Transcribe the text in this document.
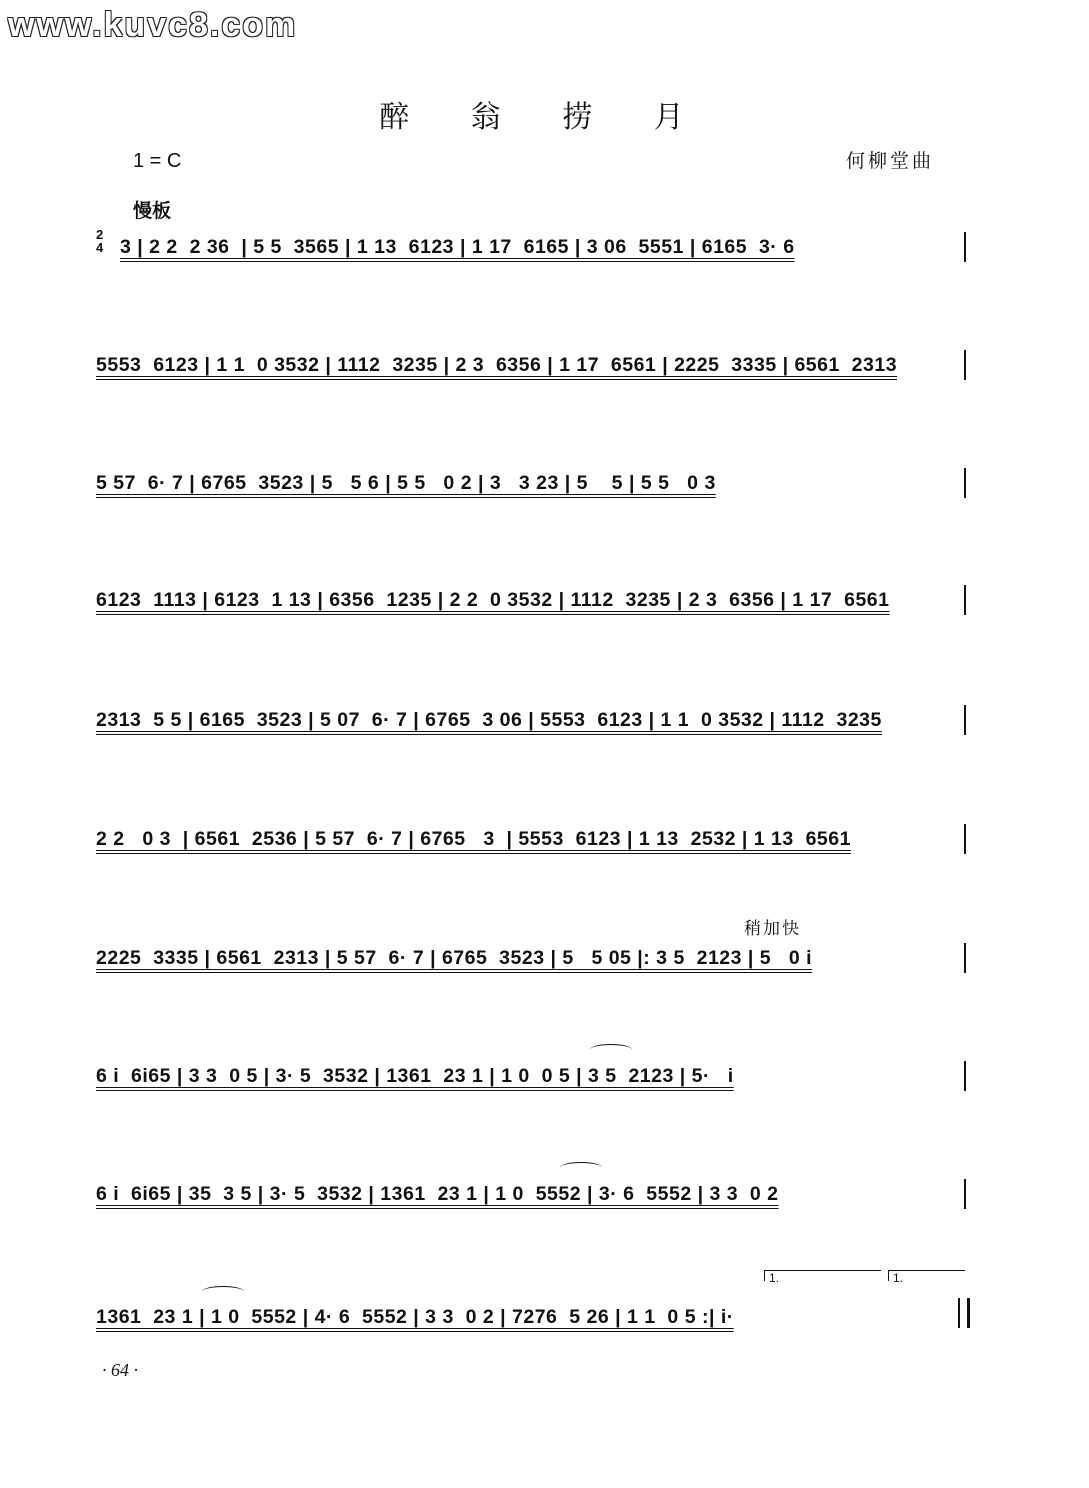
www.kuvc8.com
醉 翁 捞 月
1 = C	何柳堂曲
慢板
稍加快
2
4 3 | 2 2  2 36  | 5 5  3565 | 1 13  6123 | 1 17  6165 | 3 06  5551 | 6165  3· 6
5553  6123 | 1 1  0 3532 | 1112  3235 | 2 3  6356 | 1 17  6561 | 2225  3335 | 6561  2313
5 57  6· 7 | 6765  3523 | 5   5 6 | 5 5   0 2 | 3   3 23 | 5    5 | 5 5   0 3
6123  1113 | 6123  1 13 | 6356  1235 | 2 2  0 3532 | 1112  3235 | 2 3  6356 | 1 17  6561
2313  5 5 | 6165  3523 | 5 07  6· 7 | 6765  3 06 | 5553  6123 | 1 1  0 3532 | 1112  3235
2 2   0 3  | 6561  2536 | 5 57  6· 7 | 6765   3  | 5553  6123 | 1 13  2532 | 1 13  6561
2225  3335 | 6561  2313 | 5 57  6· 7 | 6765  3523 | 5   5 05 |: 3 5  2123 | 5   0 i
6 i  6i65 | 3 3  0 5 | 3· 5  3532 | 1361  23 1 | 1 0  0 5 | 3 5  2123 | 5·   i
6 i  6i65 | 35  3 5 | 3· 5  3532 | 1361  23 1 | 1 0  5552 | 3· 6  5552 | 3 3  0 2
1361  23 1 | 1 0  5552 | 4· 6  5552 | 3 3  0 2 | 7276  5 26 | 1 1  0 5 :| i·
1.	1.
· 64 ·
